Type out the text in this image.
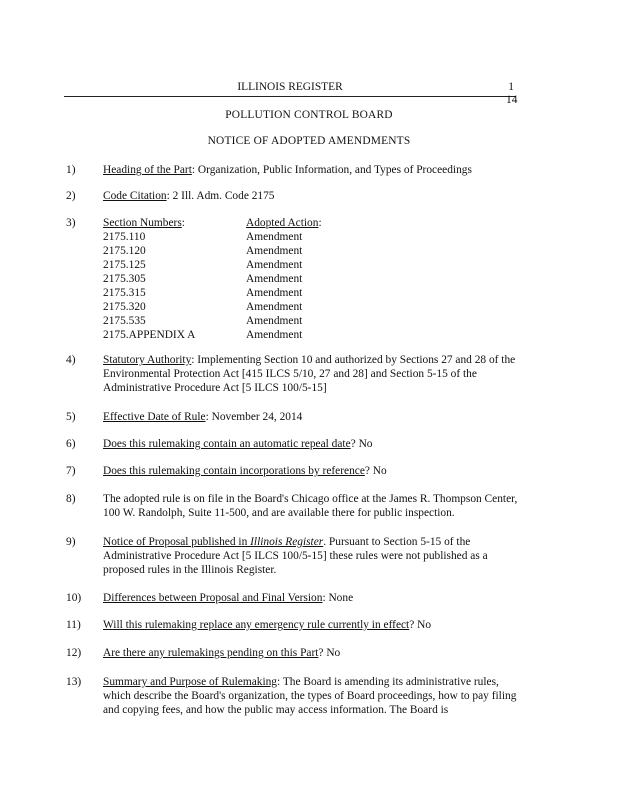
ILLINOIS REGISTER	1
14
POLLUTION CONTROL BOARD
NOTICE OF ADOPTED AMENDMENTS
1) Heading of the Part: Organization, Public Information, and Types of Proceedings
2) Code Citation: 2 Ill. Adm. Code 2175
3) Section Numbers:	Adopted Action:
2175.110	Amendment
2175.120	Amendment
2175.125	Amendment
2175.305	Amendment
2175.315	Amendment
2175.320	Amendment
2175.535	Amendment
2175.APPENDIX A	Amendment
4) Statutory Authority: Implementing Section 10 and authorized by Sections 27 and 28 of the Environmental Protection Act [415 ILCS 5/10, 27 and 28] and Section 5-15 of the Administrative Procedure Act [5 ILCS 100/5-15]
5) Effective Date of Rule: November 24, 2014
6) Does this rulemaking contain an automatic repeal date? No
7) Does this rulemaking contain incorporations by reference? No
8) The adopted rule is on file in the Board's Chicago office at the James R. Thompson Center, 100 W. Randolph, Suite 11-500, and are available there for public inspection.
9) Notice of Proposal published in Illinois Register. Pursuant to Section 5-15 of the Administrative Procedure Act [5 ILCS 100/5-15] these rules were not published as a proposed rules in the Illinois Register.
10) Differences between Proposal and Final Version: None
11) Will this rulemaking replace any emergency rule currently in effect? No
12) Are there any rulemakings pending on this Part? No
13) Summary and Purpose of Rulemaking: The Board is amending its administrative rules, which describe the Board's organization, the types of Board proceedings, how to pay filing and copying fees, and how the public may access information. The Board is
